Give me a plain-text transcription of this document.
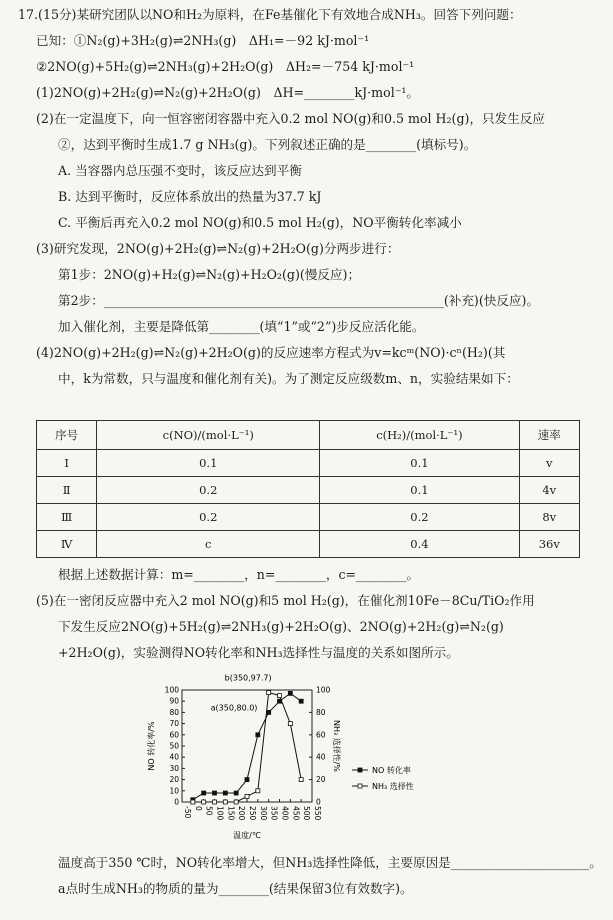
17.(15分)某研究团队以NO和H₂为原料，在Fe基催化下有效地合成NH₃。回答下列问题：
已知：①N₂(g)+3H₂(g)⇌2NH₃(g)　ΔH₁=－92 kJ·mol⁻¹
②2NO(g)+5H₂(g)⇌2NH₃(g)+2H₂O(g)　ΔH₂=－754 kJ·mol⁻¹
(1)2NO(g)+2H₂(g)⇌N₂(g)+2H₂O(g)　ΔH=________kJ·mol⁻¹。
(2)在一定温度下，向一恒容密闭容器中充入0.2 mol NO(g)和0.5 mol H₂(g)，只发生反应
②，达到平衡时生成1.7 g NH₃(g)。下列叙述正确的是________(填标号)。
A. 当容器内总压强不变时，该反应达到平衡
B. 达到平衡时，反应体系放出的热量为37.7 kJ
C. 平衡后再充入0.2 mol NO(g)和0.5 mol H₂(g)，NO平衡转化率减小
(3)研究发现，2NO(g)+2H₂(g)⇌N₂(g)+2H₂O(g)分两步进行：
第1步：2NO(g)+H₂(g)⇌N₂(g)+H₂O₂(g)(慢反应)；
第2步：______________________________________________________(补充)(快反应)。
加入催化剂，主要是降低第________(填“1”或“2”)步反应活化能。
(4)2NO(g)+2H₂(g)⇌N₂(g)+2H₂O(g)的反应速率方程式为v=kcᵐ(NO)·cⁿ(H₂)(其
中，k为常数，只与温度和催化剂有关)。为了测定反应级数m、n，实验结果如下：
序号	c(NO)/(mol·L⁻¹)	c(H₂)/(mol·L⁻¹)	速率
Ⅰ	0.1	0.1	v
Ⅱ	0.2	0.1	4v
Ⅲ	0.2	0.2	8v
Ⅳ	c	0.4	36v
根据上述数据计算：m=________，n=________，c=________。
(5)在一密闭反应器中充入2 mol NO(g)和5 mol H₂(g)，在催化剂10Fe－8Cu/TiO₂作用
下发生反应2NO(g)+5H₂(g)⇌2NH₃(g)+2H₂O(g)、2NO(g)+2H₂(g)⇌N₂(g)
+2H₂O(g)，实验测得NO转化率和NH₃选择性与温度的关系如图所示。
-50 0 50 100 150 200 250 300 350 400 450 500 550
0
10
20
30
40
50
60
70
80
90
100
0
20
40
60
80
100
NO 转化率/%	NH₃ 选择性/%
温度/℃
NO 转化率
NH₃ 选择性
a(350,80.0)
b(350,97.7)
温度高于350 ℃时，NO转化率增大，但NH₃选择性降低，主要原因是______________________。
a点时生成NH₃的物质的量为________(结果保留3位有效数字)。
